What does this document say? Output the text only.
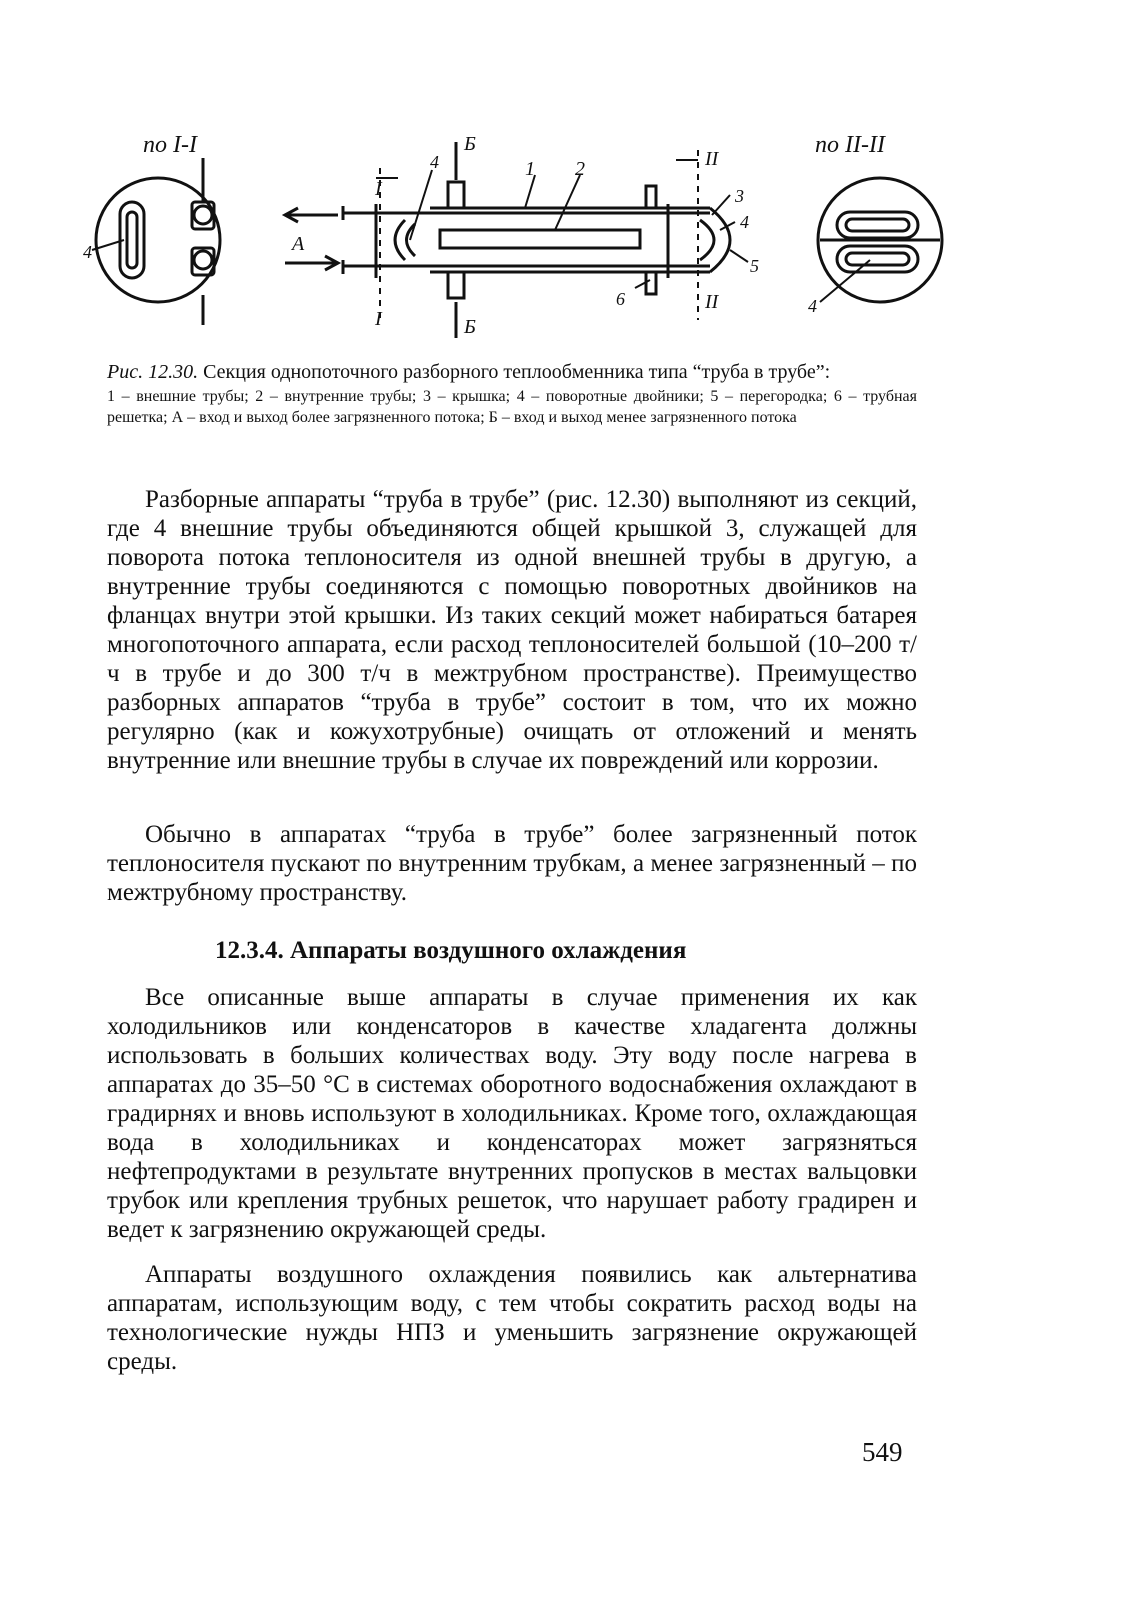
по I-I
4
I
I
4
Б
Б
1 2	II
II
3
4
5
6
А
по II-II
4
Рис. 12.30. Секция однопоточного разборного теплообменника типа “труба в трубе”:
1 – внешние трубы; 2 – внутренние трубы; 3 – крышка; 4 – поворотные двойники; 5 – перегородка; 6 – трубная решетка; А – вход и выход более загрязненного потока; Б – вход и выход менее загрязненного потока

Разборные аппараты “труба в трубе” (рис. 12.30) выполняют из секций, где 4 внешние трубы объединяются общей крышкой 3, служащей для поворота потока теплоносителя из одной внешней трубы в другую, а внутренние трубы соединяются с помощью поворотных двойников на фланцах внутри этой крышки. Из таких секций может набираться батарея многопоточного аппарата, если расход теплоносителей большой (10–200 т/ч в трубе и до 300 т/ч в межтрубном пространстве). Преимущество разборных аппаратов “труба в трубе” состоит в том, что их можно регулярно (как и кожухотрубные) очищать от отложений и менять внутренние или внешние трубы в случае их повреждений или коррозии.

Обычно в аппаратах “труба в трубе” более загрязненный поток теплоносителя пускают по внутренним трубкам, а менее загрязненный – по межтрубному пространству.

12.3.4. Аппараты воздушного охлаждения

Все описанные выше аппараты в случае применения их как холодильников или конденсаторов в качестве хладагента должны использовать в больших количествах воду. Эту воду после нагрева в аппаратах до 35–50 °С в системах оборотного водоснабжения охлаждают в градирнях и вновь используют в холодильниках. Кроме того, охлаждающая вода в холодильниках и конденсаторах может загрязняться нефтепродуктами в результате внутренних пропусков в местах вальцовки трубок или крепления трубных решеток, что нарушает работу градирен и ведет к загрязнению окружающей среды.

Аппараты воздушного охлаждения появились как альтернатива аппаратам, использующим воду, с тем чтобы сократить расход воды на технологические нужды НПЗ и уменьшить загрязнение окружающей среды.

549
